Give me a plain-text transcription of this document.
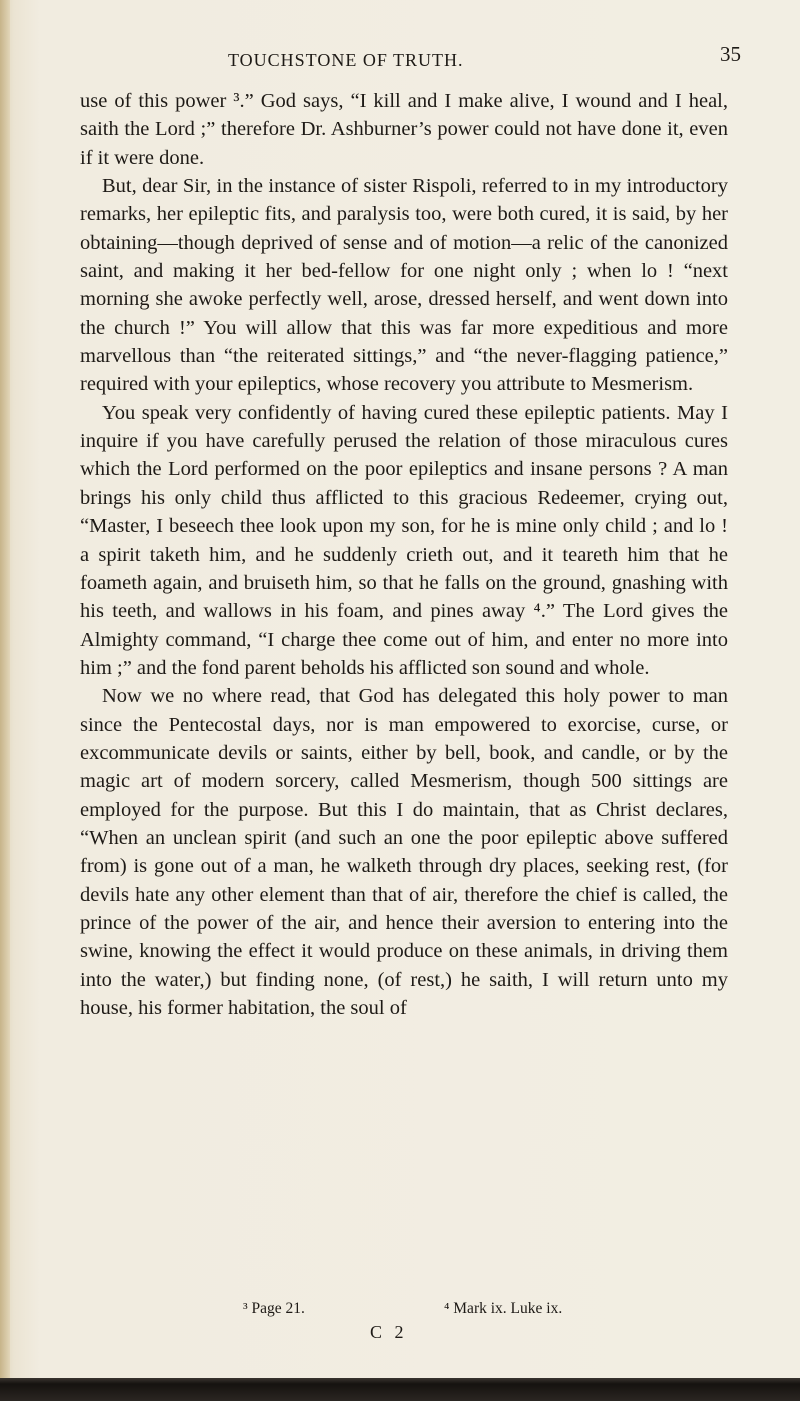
TOUCHSTONE OF TRUTH.	35

use of this power ³.” God says, “I kill and I make alive, I wound and I heal, saith the Lord ;” therefore Dr. Ashburner’s power could not have done it, even if it were done.

But, dear Sir, in the instance of sister Rispoli, referred to in my introductory remarks, her epileptic fits, and paralysis too, were both cured, it is said, by her obtaining—though deprived of sense and of motion—a relic of the canonized saint, and making it her bed-fellow for one night only ; when lo ! “next morning she awoke perfectly well, arose, dressed herself, and went down into the church !” You will allow that this was far more expeditious and more marvellous than “the reiterated sittings,” and “the never-flagging patience,” required with your epileptics, whose recovery you attribute to Mesmerism.

You speak very confidently of having cured these epileptic patients. May I inquire if you have carefully perused the relation of those miraculous cures which the Lord performed on the poor epileptics and insane persons ? A man brings his only child thus afflicted to this gracious Redeemer, crying out, “Master, I beseech thee look upon my son, for he is mine only child ; and lo ! a spirit taketh him, and he suddenly crieth out, and it teareth him that he foameth again, and bruiseth him, so that he falls on the ground, gnashing with his teeth, and wallows in his foam, and pines away ⁴.” The Lord gives the Almighty command, “I charge thee come out of him, and enter no more into him ;” and the fond parent beholds his afflicted son sound and whole.

Now we no where read, that God has delegated this holy power to man since the Pentecostal days, nor is man empowered to exorcise, curse, or excommunicate devils or saints, either by bell, book, and candle, or by the magic art of modern sorcery, called Mesmerism, though 500 sittings are employed for the purpose. But this I do maintain, that as Christ declares, “When an unclean spirit (and such an one the poor epileptic above suffered from) is gone out of a man, he walketh through dry places, seeking rest, (for devils hate any other element than that of air, therefore the chief is called, the prince of the power of the air, and hence their aversion to entering into the swine, knowing the effect it would produce on these animals, in driving them into the water,) but finding none, (of rest,) he saith, I will return unto my house, his former habitation, the soul of

³ Page 21.	⁴ Mark ix. Luke ix.
C 2
